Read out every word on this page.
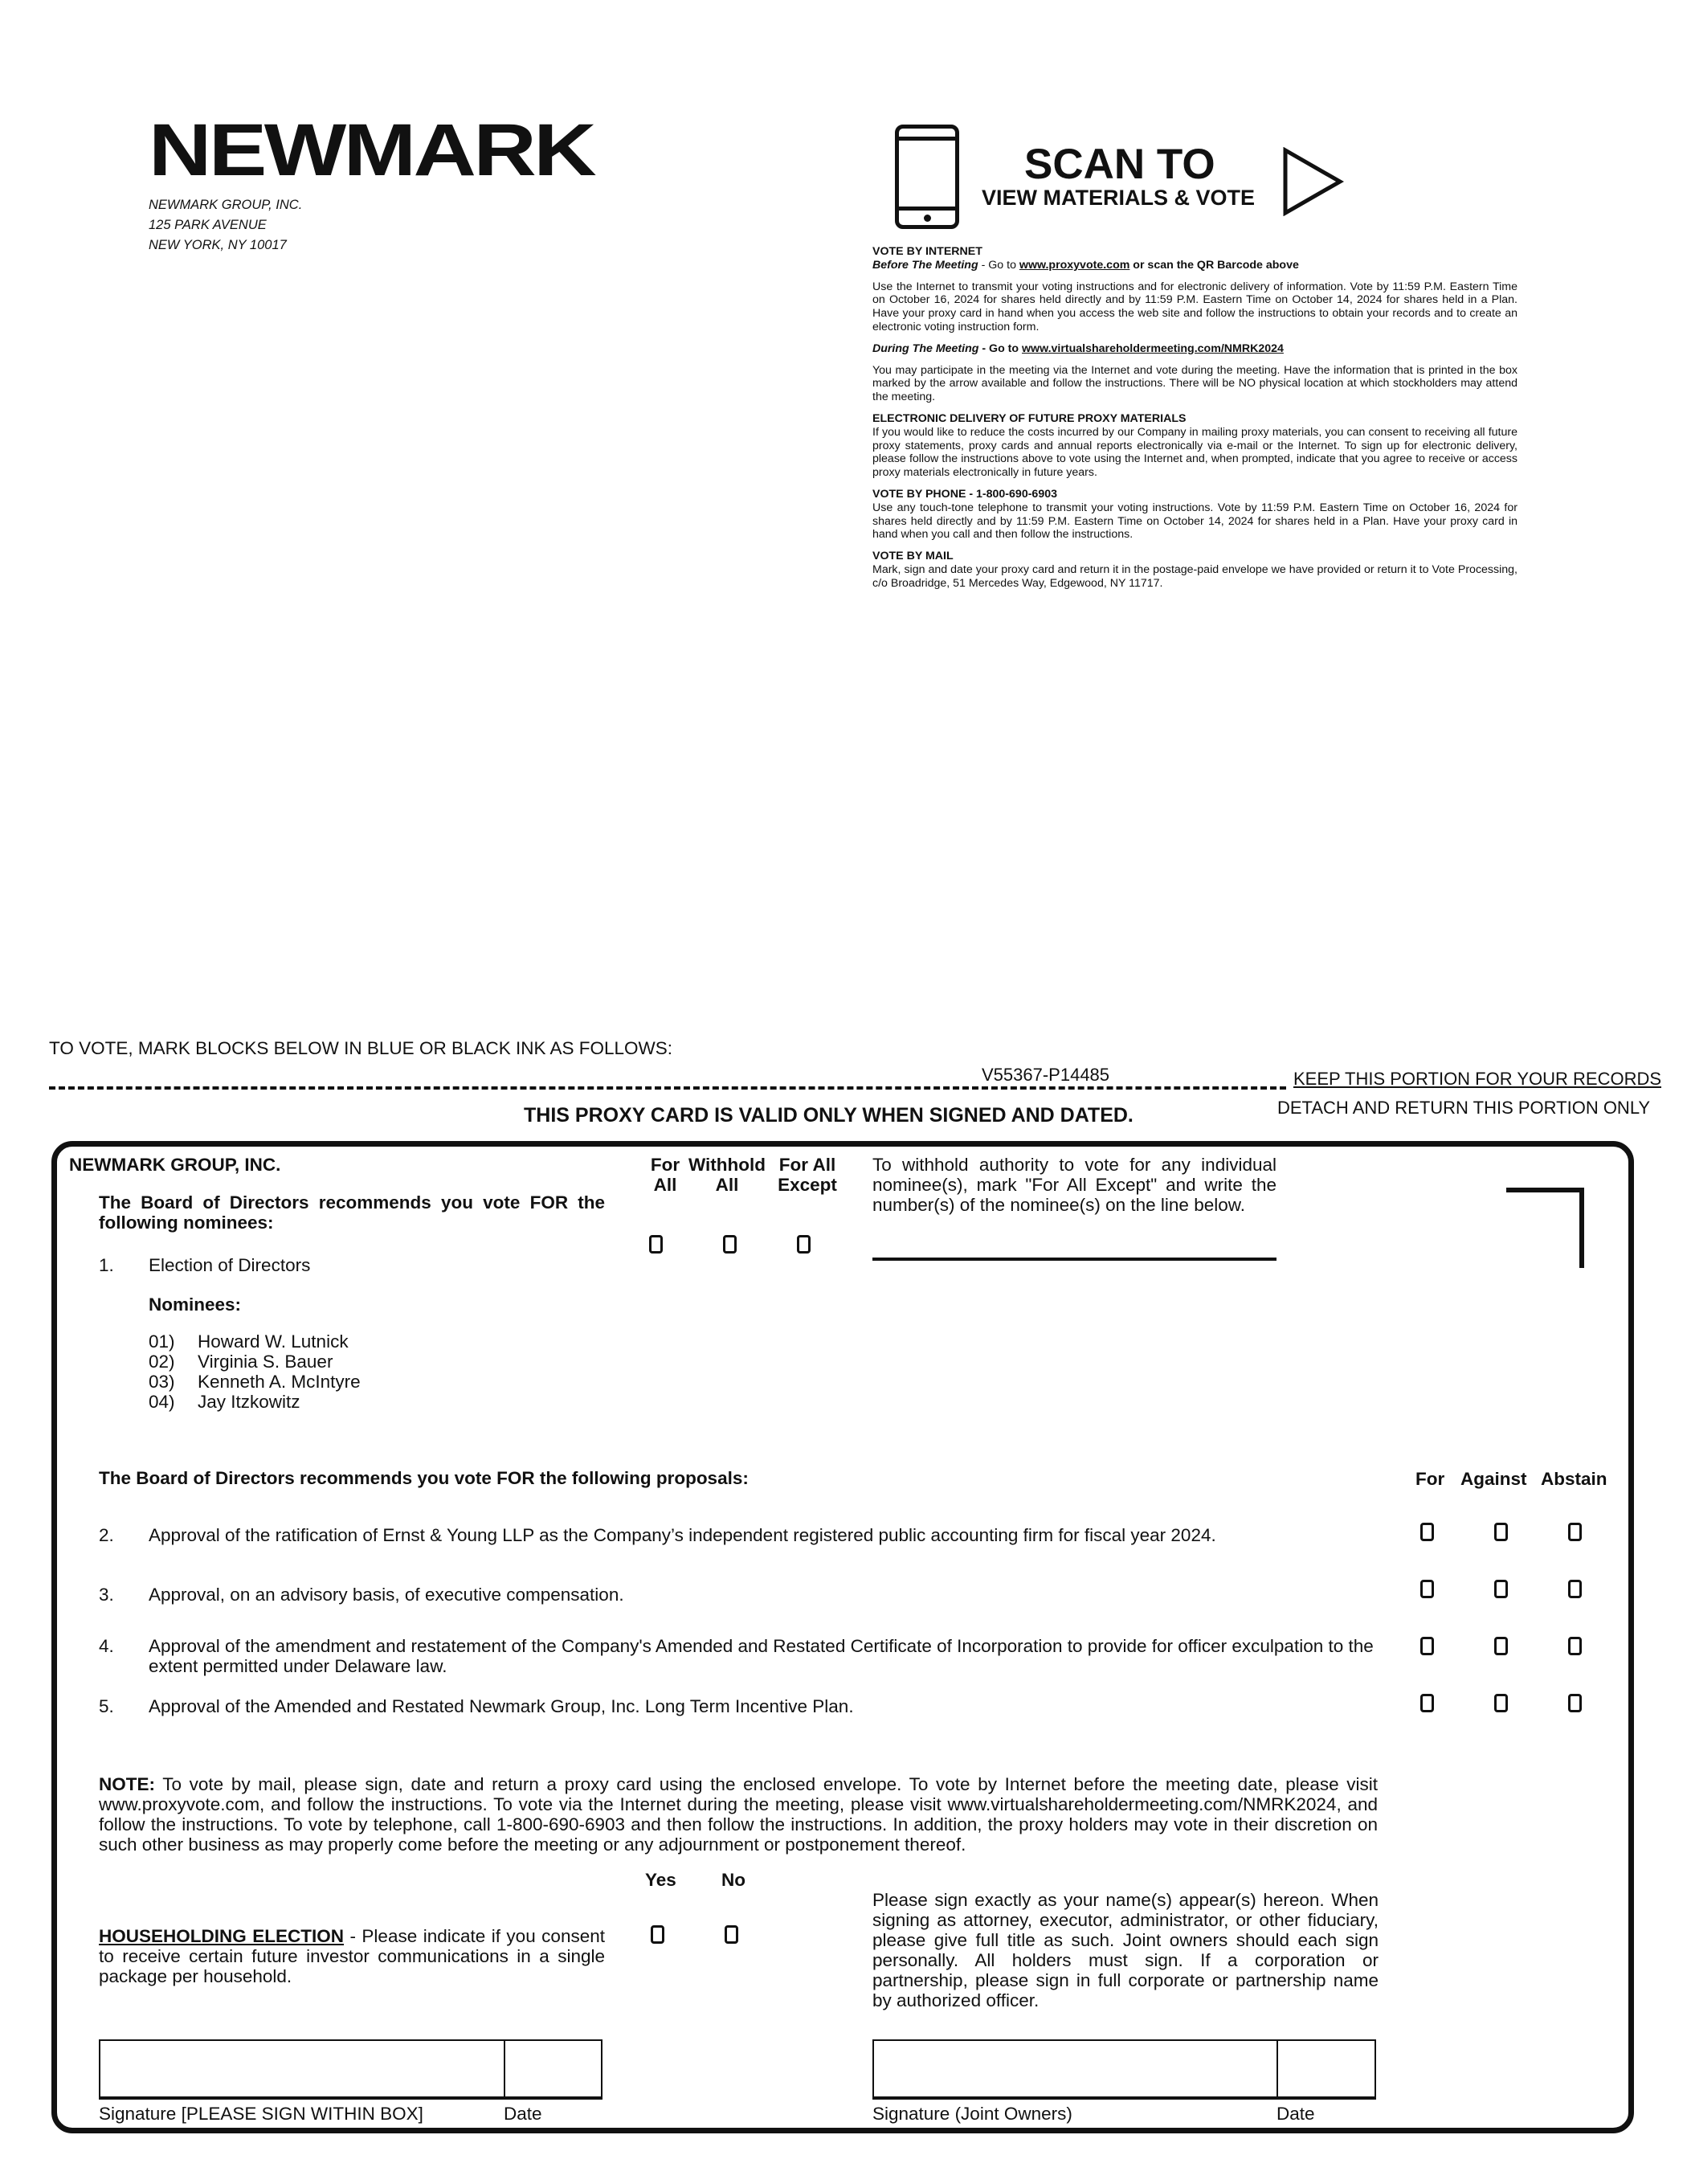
NEWMARK
NEWMARK GROUP, INC.
125 PARK AVENUE
NEW YORK, NY 10017
SCAN TO
VIEW MATERIALS & VOTE
VOTE BY INTERNET

Before The Meeting - Go to www.proxyvote.com or scan the QR Barcode above

Use the Internet to transmit your voting instructions and for electronic delivery of information. Vote by 11:59 P.M. Eastern Time on October 16, 2024 for shares held directly and by 11:59 P.M. Eastern Time on October 14, 2024 for shares held in a Plan. Have your proxy card in hand when you access the web site and follow the instructions to obtain your records and to create an electronic voting instruction form.

During The Meeting - Go to www.virtualshareholdermeeting.com/NMRK2024

You may participate in the meeting via the Internet and vote during the meeting. Have the information that is printed in the box marked by the arrow available and follow the instructions. There will be NO physical location at which stockholders may attend the meeting.

ELECTRONIC DELIVERY OF FUTURE PROXY MATERIALS

If you would like to reduce the costs incurred by our Company in mailing proxy materials, you can consent to receiving all future proxy statements, proxy cards and annual reports electronically via e-mail or the Internet. To sign up for electronic delivery, please follow the instructions above to vote using the Internet and, when prompted, indicate that you agree to receive or access proxy materials electronically in future years.

VOTE BY PHONE - 1-800-690-6903

Use any touch-tone telephone to transmit your voting instructions. Vote by 11:59 P.M. Eastern Time on October 16, 2024 for shares held directly and by 11:59 P.M. Eastern Time on October 14, 2024 for shares held in a Plan. Have your proxy card in hand when you call and then follow the instructions.

VOTE BY MAIL

Mark, sign and date your proxy card and return it in the postage-paid envelope we have provided or return it to Vote Processing, c/o Broadridge, 51 Mercedes Way, Edgewood, NY 11717.

TO VOTE, MARK BLOCKS BELOW IN BLUE OR BLACK INK AS FOLLOWS:
V55367-P14485	KEEP THIS PORTION FOR YOUR RECORDS
DETACH AND RETURN THIS PORTION ONLY
THIS PROXY CARD IS VALID ONLY WHEN SIGNED AND DATED.
NEWMARK GROUP, INC.
The Board of Directors recommends you vote FOR the following nominees:
For
All
Withhold
All
For All
Except
To withhold authority to vote for any individual nominee(s), mark "For All Except" and write the number(s) of the nominee(s) on the line below.
1. Election of Directors
Nominees:
01) Howard W. Lutnick
02) Virginia S. Bauer
03) Kenneth A. McIntyre
04) Jay Itzkowitz
The Board of Directors recommends you vote FOR the following proposals:	For Against Abstain
2. Approval of the ratification of Ernst & Young LLP as the Company’s independent registered public accounting firm for fiscal year 2024.
3. Approval, on an advisory basis, of executive compensation.
4. Approval of the amendment and restatement of the Company's Amended and Restated Certificate of Incorporation to provide for officer exculpation to the extent permitted under Delaware law.
5. Approval of the Amended and Restated Newmark Group, Inc. Long Term Incentive Plan.
NOTE: To vote by mail, please sign, date and return a proxy card using the enclosed envelope. To vote by Internet before the meeting date, please visit www.proxyvote.com, and follow the instructions. To vote via the Internet during the meeting, please visit www.virtualshareholdermeeting.com/NMRK2024, and follow the instructions. To vote by telephone, call 1-800-690-6903 and then follow the instructions. In addition, the proxy holders may vote in their discretion on such other business as may properly come before the meeting or any adjournment or postponement thereof.
Yes No
HOUSEHOLDING ELECTION - Please indicate if you consent to receive certain future investor communications in a single package per household.
Please sign exactly as your name(s) appear(s) hereon. When signing as attorney, executor, administrator, or other fiduciary, please give full title as such. Joint owners should each sign personally. All holders must sign. If a corporation or partnership, please sign in full corporate or partnership name by authorized officer.
Signature [PLEASE SIGN WITHIN BOX]	Date	Signature (Joint Owners)	Date
